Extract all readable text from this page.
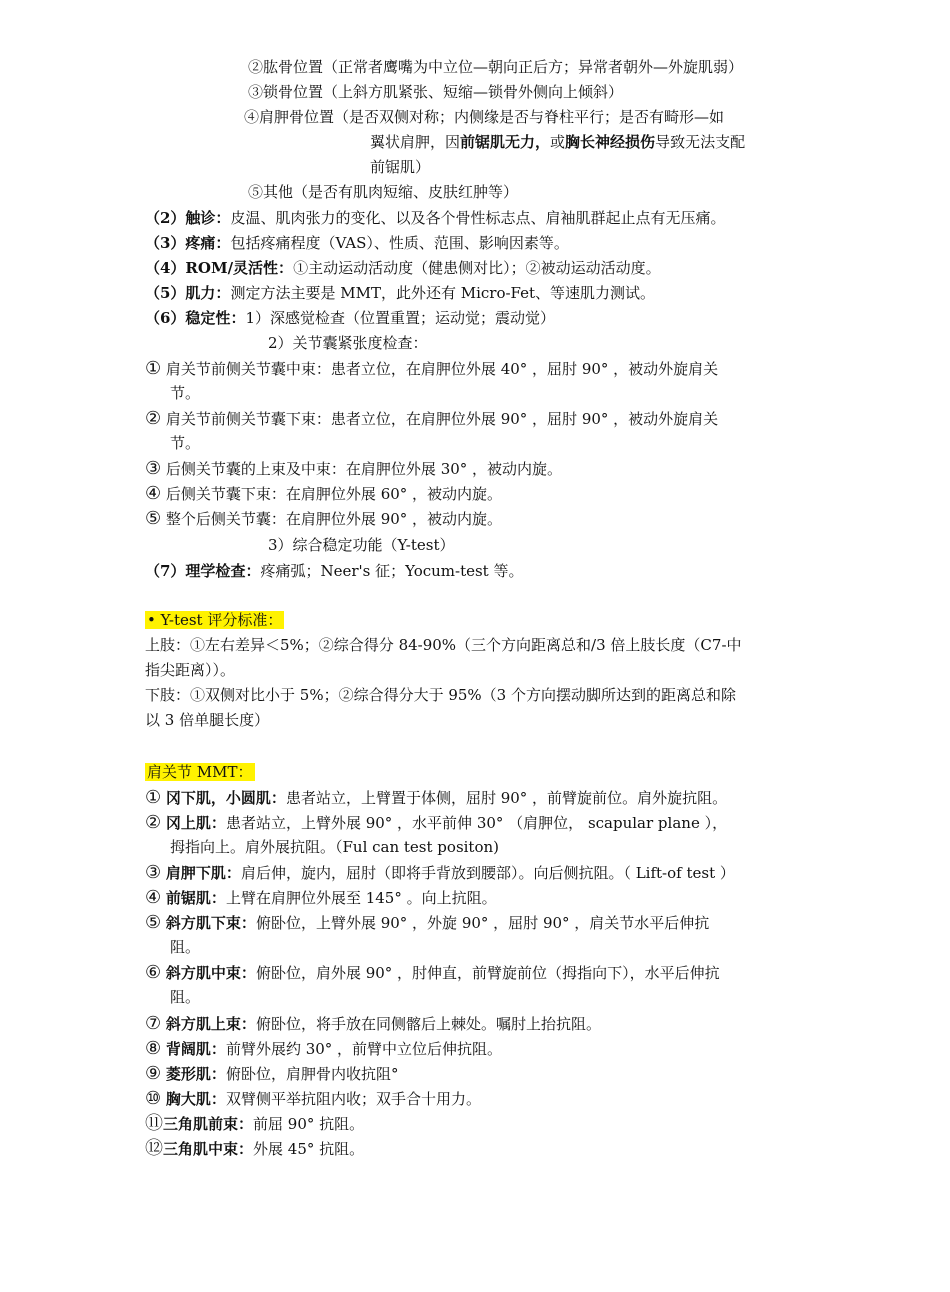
②肱骨位置（正常者鹰嘴为中立位—朝向正后方；异常者朝外—外旋肌弱）
③锁骨位置（上斜方肌紧张、短缩—锁骨外侧向上倾斜）
④肩胛骨位置（是否双侧对称；内侧缘是否与脊柱平行；是否有畸形—如
翼状肩胛，因前锯肌无力，或胸长神经损伤导致无法支配
前锯肌）
⑤其他（是否有肌肉短缩、皮肤红肿等）
（2）触诊：皮温、肌肉张力的变化、以及各个骨性标志点、肩袖肌群起止点有无压痛。
（3）疼痛：包括疼痛程度（VAS）、性质、范围、影响因素等。
（4）ROM/灵活性：①主动运动活动度（健患侧对比）；②被动运动活动度。
（5）肌力：测定方法主要是 MMT，此外还有 Micro-Fet、等速肌力测试。
（6）稳定性：1）深感觉检查（位置重置；运动觉；震动觉）
2）关节囊紧张度检查：
① 肩关节前侧关节囊中束：患者立位，在肩胛位外展 40° ，屈肘 90° ，被动外旋肩关
节。
② 肩关节前侧关节囊下束：患者立位，在肩胛位外展 90° ，屈肘 90° ，被动外旋肩关
节。
③ 后侧关节囊的上束及中束：在肩胛位外展 30° ，被动内旋。
④ 后侧关节囊下束：在肩胛位外展 60° ，被动内旋。
⑤ 整个后侧关节囊：在肩胛位外展 90° ，被动内旋。
3）综合稳定功能（Y-test）
（7）理学检查：疼痛弧；Neer's 征；Yocum-test 等。
• Y-test 评分标准：
上肢：①左右差异＜5%；②综合得分 84-90%（三个方向距离总和/3 倍上肢长度（C7-中
指尖距离））。
下肢：①双侧对比小于 5%；②综合得分大于 95%（3 个方向摆动脚所达到的距离总和除
以 3 倍单腿长度）
肩关节 MMT：
① 冈下肌，小圆肌：患者站立，上臂置于体侧，屈肘 90° ，前臂旋前位。肩外旋抗阻。
② 冈上肌：患者站立，上臂外展 90° ，水平前伸 30° （肩胛位， scapular plane ），
拇指向上。肩外展抗阻。（Ful can test positon)
③ 肩胛下肌：肩后伸，旋内，屈肘（即将手背放到腰部）。向后侧抗阻。（ Lift-of test ）
④ 前锯肌：上臂在肩胛位外展至 145° 。向上抗阻。
⑤ 斜方肌下束：俯卧位，上臂外展 90° ，外旋 90° ，屈肘 90° ，肩关节水平后伸抗
阻。
⑥ 斜方肌中束：俯卧位，肩外展 90° ，肘伸直，前臂旋前位（拇指向下），水平后伸抗
阻。
⑦ 斜方肌上束：俯卧位，将手放在同侧髂后上棘处。嘱肘上抬抗阻。
⑧ 背阔肌：前臂外展约 30° ，前臂中立位后伸抗阻。
⑨ 菱形肌：俯卧位，肩胛骨内收抗阻°
⑩ 胸大肌：双臂侧平举抗阻内收；双手合十用力。
⑪三角肌前束：前屈 90° 抗阻。
⑫三角肌中束：外展 45° 抗阻。
